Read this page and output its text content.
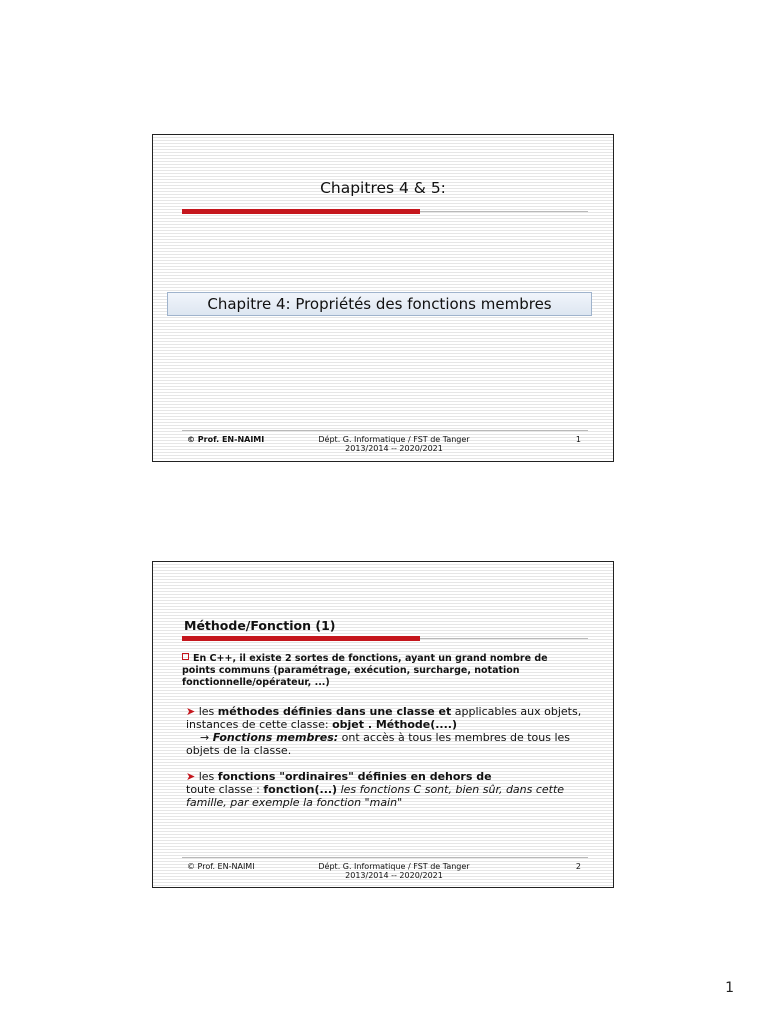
Chapitres 4 & 5:
Chapitre 4: Propriétés des fonctions membres
© Prof. EN-NAIMI	Dépt. G. Informatique / FST de Tanger
2013/2014 -- 2020/2021
1
Méthode/Fonction (1)
En C++, il existe 2 sortes de fonctions, ayant un grand nombre de points communs (paramétrage, exécution, surcharge, notation fonctionnelle/opérateur, ...)
➤ les méthodes définies dans une classe et applicables aux objets, instances de cette classe: objet . Méthode(....)
→ Fonctions membres: ont accès à tous les membres de tous les objets de la classe.
➤ les fonctions "ordinaires" définies en dehors de
toute classe : fonction(...) les fonctions C sont, bien sûr, dans cette famille, par exemple la fonction "main"
© Prof. EN-NAIMI	Dépt. G. Informatique / FST de Tanger
2013/2014 -- 2020/2021
2
1
